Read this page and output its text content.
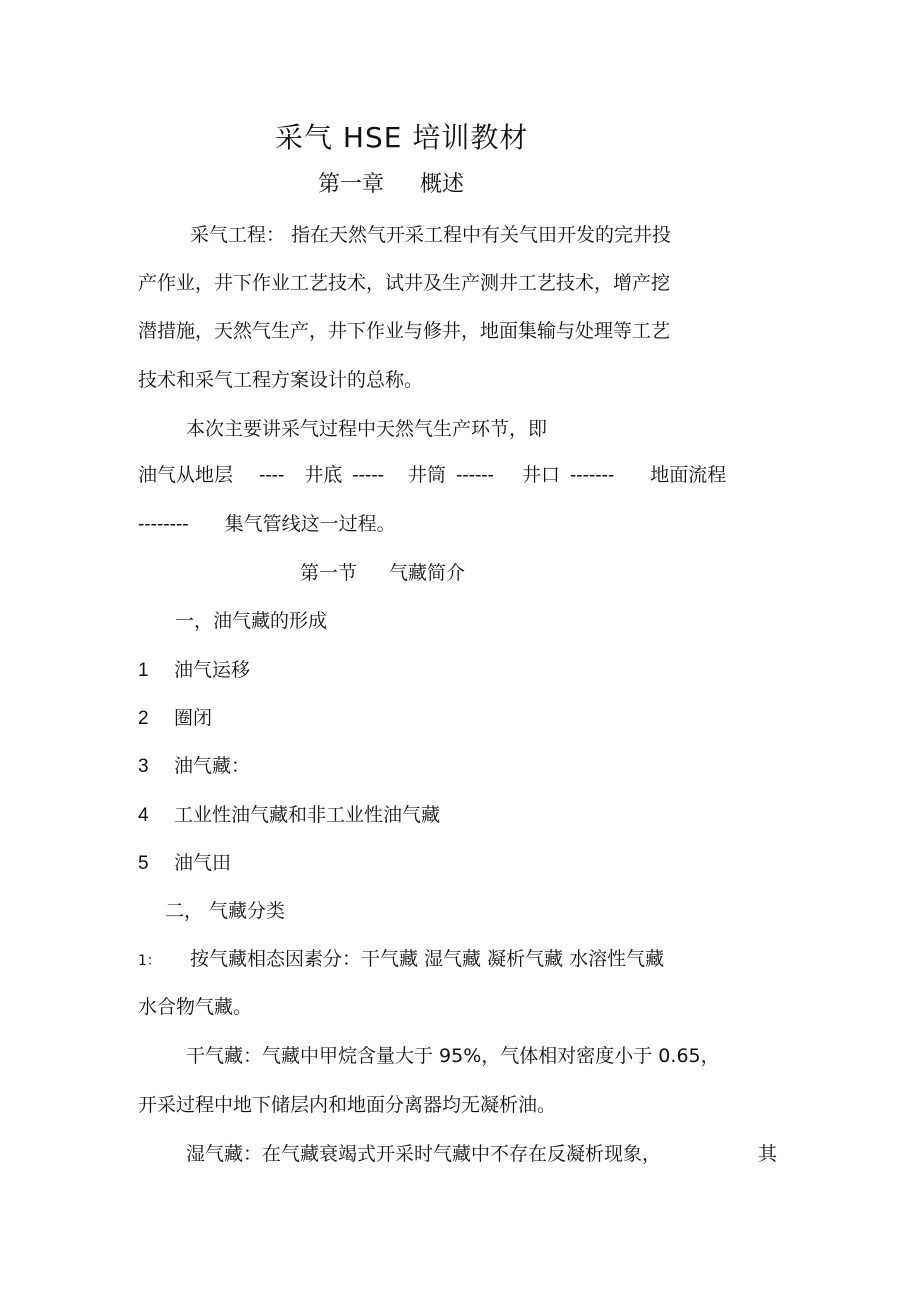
采气 HSE 培训教材
第一章 概述
采气工程： 指在天然气开采工程中有关气田开发的完井投
产作业，井下作业工艺技术，试井及生产测井工艺技术，增产挖
潜措施，天然气生产，井下作业与修井，地面集输与处理等工艺
技术和采气工程方案设计的总称。
本次主要讲采气过程中天然气生产环节，即
油气从地层 ---- 井底 ----- 井筒 ------ 井口 ------- 地面流程
-------- 集气管线这一过程。
第一节 气藏简介
一，油气藏的形成
1 油气运移
2 圈闭
3 油气藏：
4 工业性油气藏和非工业性油气藏
5 油气田
二， 气藏分类
1： 按气藏相态因素分：干气藏 湿气藏 凝析气藏 水溶性气藏
水合物气藏。
干气藏：气藏中甲烷含量大于 95%，气体相对密度小于 0.65，
开采过程中地下储层内和地面分离器均无凝析油。
湿气藏：在气藏衰竭式开采时气藏中不存在反凝析现象，	其
